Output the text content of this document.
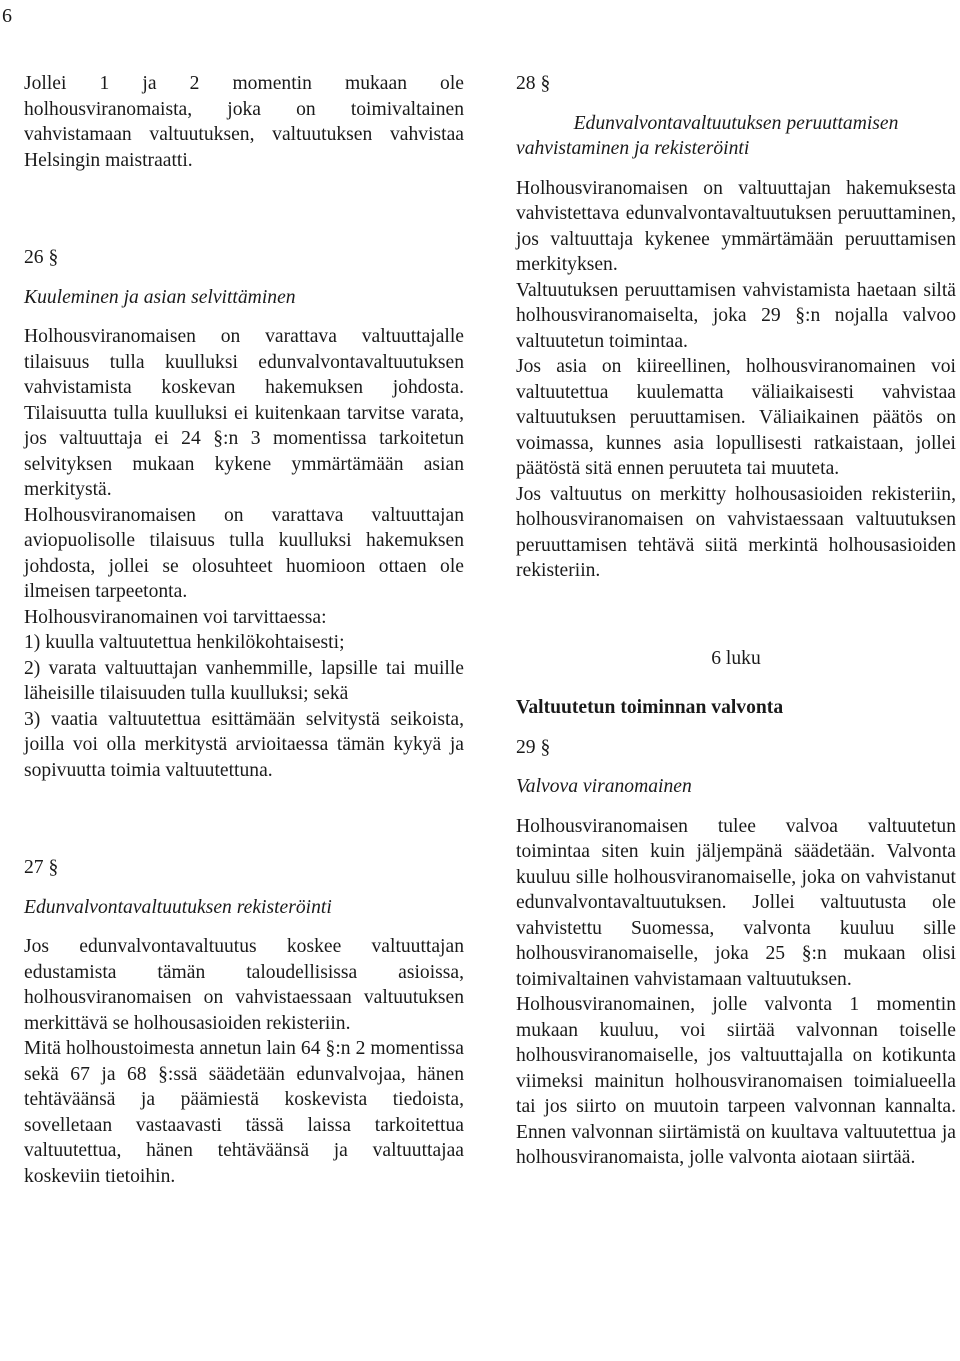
6

Jollei 1 ja 2 momentin mukaan ole holhousviranomaista, joka on toimivaltainen vahvistamaan valtuutuksen, valtuutuksen vahvistaa Helsingin maistraatti.

26 §

Kuuleminen ja asian selvittäminen

Holhousviranomaisen on varattava valtuuttajalle tilaisuus tulla kuulluksi edunvalvontavaltuutuksen vahvistamista koskevan hakemuksen johdosta. Tilaisuutta tulla kuulluksi ei kuitenkaan tarvitse varata, jos valtuuttaja ei 24 §:n 3 momentissa tarkoitetun selvityksen mukaan kykene ymmärtämään asian merkitystä.

Holhousviranomaisen on varattava valtuuttajan aviopuolisolle tilaisuus tulla kuulluksi hakemuksen johdosta, jollei se olosuhteet huomioon ottaen ole ilmeisen tarpeetonta.

Holhousviranomainen voi tarvittaessa:

1) kuulla valtuutettua henkilökohtaisesti;

2) varata valtuuttajan vanhemmille, lapsille tai muille läheisille tilaisuuden tulla kuulluksi; sekä

3) vaatia valtuutettua esittämään selvitystä seikoista, joilla voi olla merkitystä arvioitaessa tämän kykyä ja sopivuutta toimia valtuutettuna.

27 §

Edunvalvontavaltuutuksen rekisteröinti

Jos edunvalvontavaltuutus koskee valtuuttajan edustamista tämän taloudellisissa asioissa, holhousviranomaisen on vahvistaessaan valtuutuksen merkittävä se holhousasioiden rekisteriin.

Mitä holhoustoimesta annetun lain 64 §:n 2 momentissa sekä 67 ja 68 §:ssä säädetään edunvalvojaa, hänen tehtäväänsä ja päämiestä koskevista tiedoista, sovelletaan vastaavasti tässä laissa tarkoitettua valtuutettua, hänen tehtäväänsä ja valtuuttajaa koskeviin tietoihin.

28 §

Edunvalvontavaltuutuksen peruuttamisen vahvistaminen ja rekisteröinti

Holhousviranomaisen on valtuuttajan hakemuksesta vahvistettava edunvalvontavaltuutuksen peruuttaminen, jos valtuuttaja kykenee ymmärtämään peruuttamisen merkityksen.

Valtuutuksen peruuttamisen vahvistamista haetaan siltä holhousviranomaiselta, joka 29 §:n nojalla valvoo valtuutetun toimintaa.

Jos asia on kiireellinen, holhousviranomainen voi valtuutettua kuulematta väliaikaisesti vahvistaa valtuutuksen peruuttamisen. Väliaikainen päätös on voimassa, kunnes asia lopullisesti ratkaistaan, jollei päätöstä sitä ennen peruuteta tai muuteta.

Jos valtuutus on merkitty holhousasioiden rekisteriin, holhousviranomaisen on vahvistaessaan valtuutuksen peruuttamisen tehtävä siitä merkintä holhousasioiden rekisteriin.

6 luku

Valtuutetun toiminnan valvonta

29 §

Valvova viranomainen

Holhousviranomaisen tulee valvoa valtuutetun toimintaa siten kuin jäljempänä säädetään. Valvonta kuuluu sille holhousviranomaiselle, joka on vahvistanut edunvalvontavaltuutuksen. Jollei valtuutusta ole vahvistettu Suomessa, valvonta kuuluu sille holhousviranomaiselle, joka 25 §:n mukaan olisi toimivaltainen vahvistamaan valtuutuksen.

Holhousviranomainen, jolle valvonta 1 momentin mukaan kuuluu, voi siirtää valvonnan toiselle holhousviranomaiselle, jos valtuuttajalla on kotikunta viimeksi mainitun holhousviranomaisen toimialueella tai jos siirto on muutoin tarpeen valvonnan kannalta. Ennen valvonnan siirtämistä on kuultava valtuutettua ja holhousviranomaista, jolle valvonta aiotaan siirtää.
